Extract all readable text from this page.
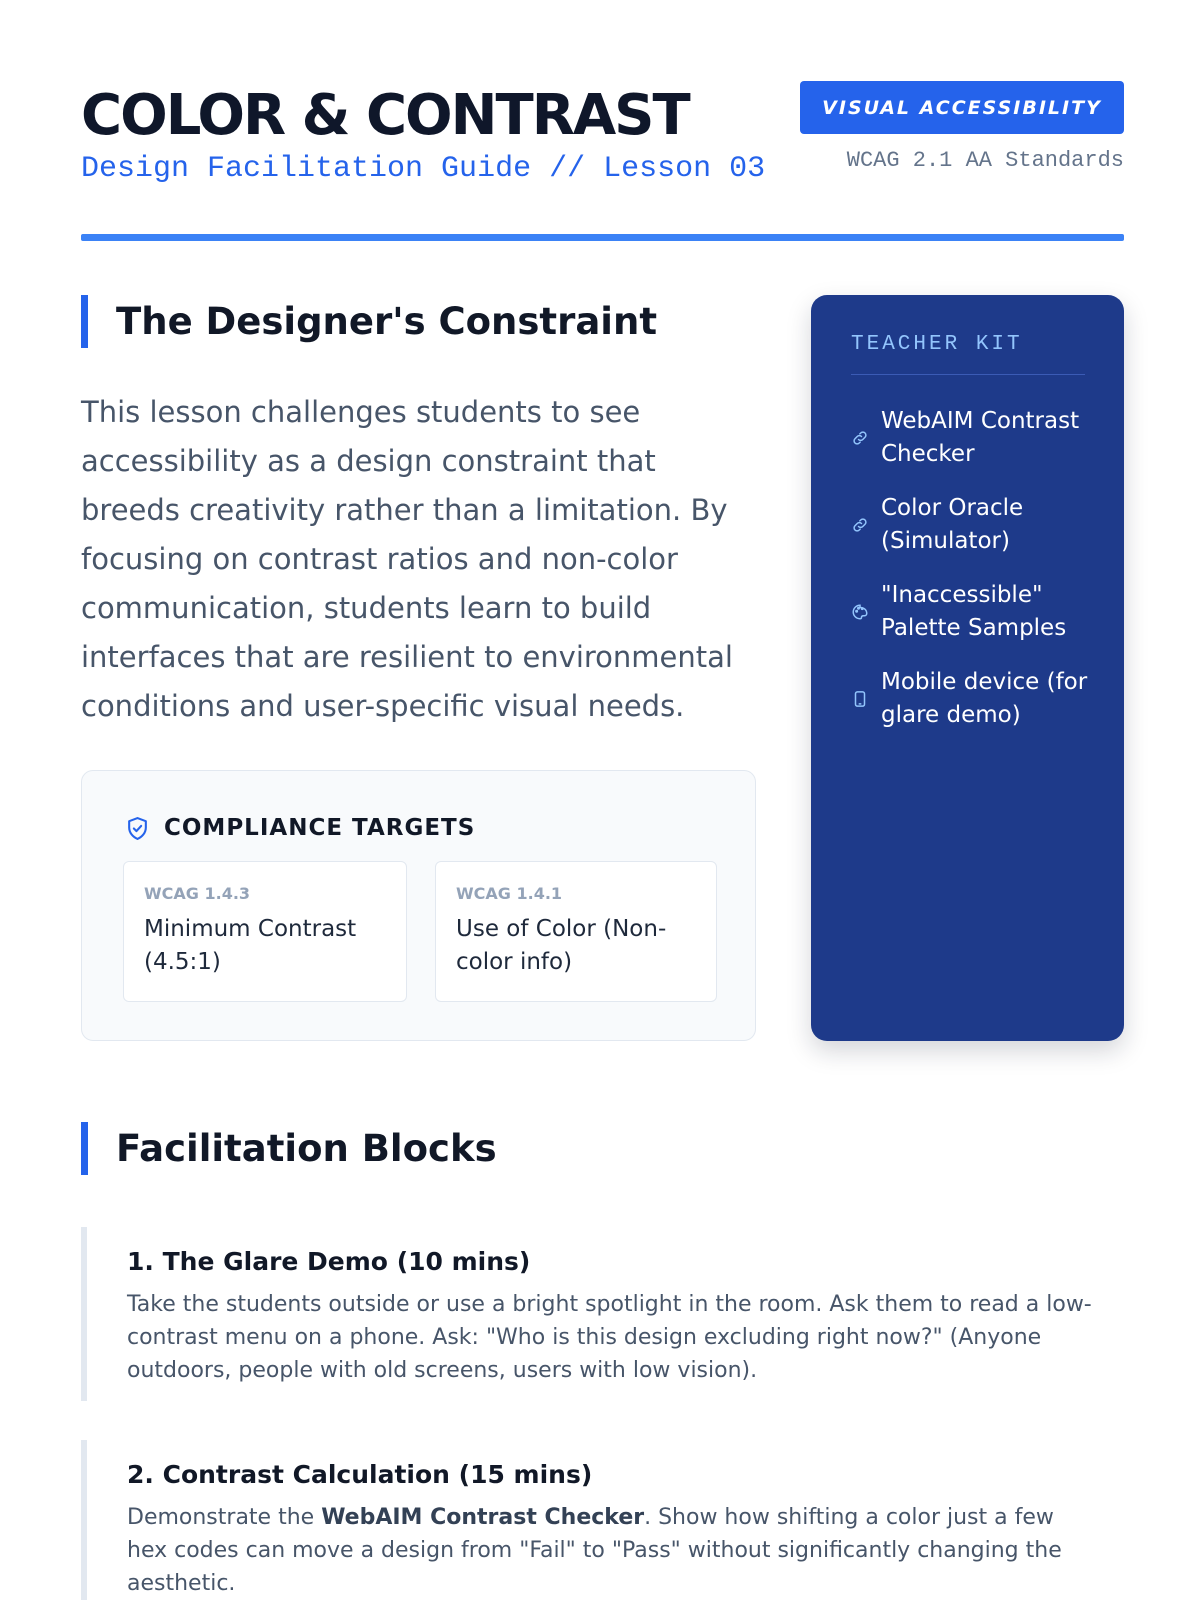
COLOR & CONTRAST
Design Facilitation Guide // Lesson 03
VISUAL ACCESSIBILITY
WCAG 2.1 AA Standards
The Designer's Constraint

This lesson challenges students to see accessibility as a design constraint that breeds creativity rather than a limitation. By focusing on contrast ratios and non-color communication, students learn to build interfaces that are resilient to environmental conditions and user-specific visual needs.

COMPLIANCE TARGETS
WCAG 1.4.3
Minimum Contrast (4.5:1)
WCAG 1.4.1
Use of Color (Non-color info)
TEACHER KIT
WebAIM Contrast Checker
Color Oracle (Simulator)
"Inaccessible" Palette Samples
Mobile device (for glare demo)
Facilitation Blocks
1. The Glare Demo (10 mins)

Take the students outside or use a bright spotlight in the room. Ask them to read a low-contrast menu on a phone. Ask: "Who is this design excluding right now?" (Anyone outdoors, people with old screens, users with low vision).

2. Contrast Calculation (15 mins)

Demonstrate the WebAIM Contrast Checker. Show how shifting a color just a few hex codes can move a design from "Fail" to "Pass" without significantly changing the aesthetic.
